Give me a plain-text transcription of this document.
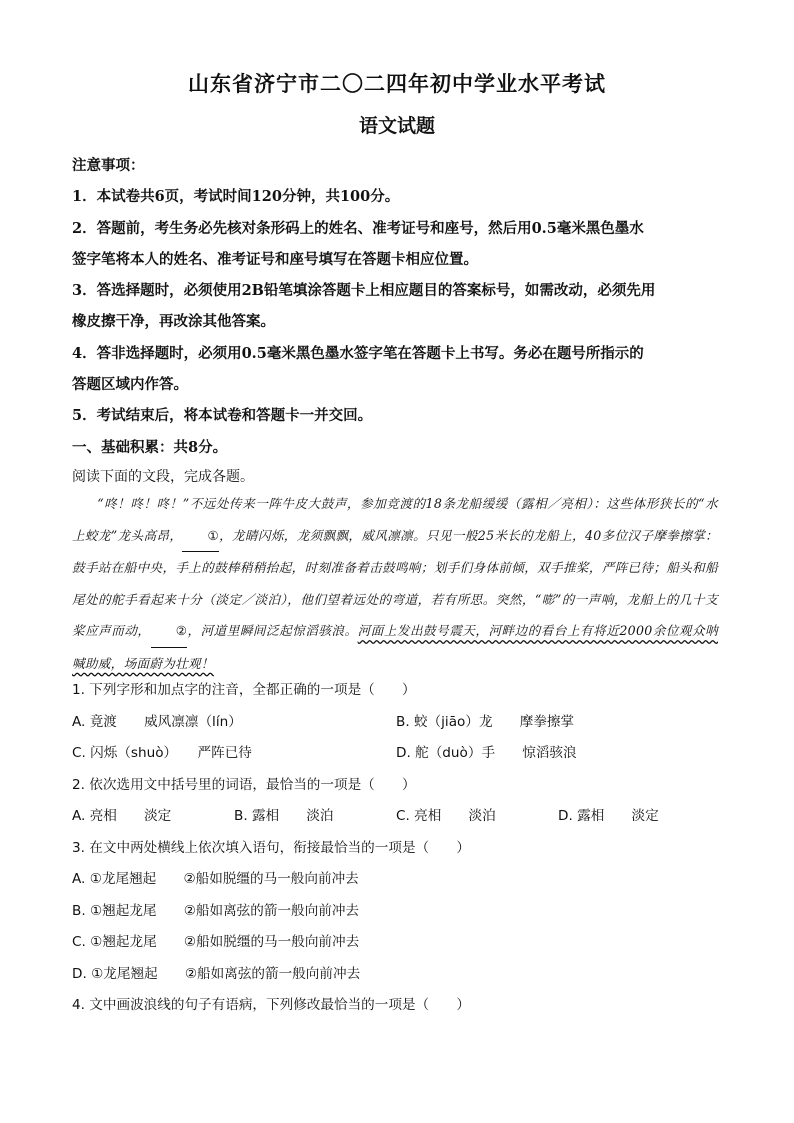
山东省济宁市二〇二四年初中学业水平考试
语文试题

注意事项：

1．本试卷共6页，考试时间120分钟，共100分。

2．答题前，考生务必先核对条形码上的姓名、准考证号和座号，然后用0.5毫米黑色墨水

签字笔将本人的姓名、准考证号和座号填写在答题卡相应位置。

3．答选择题时，必须使用2B铅笔填涂答题卡上相应题目的答案标号，如需改动，必须先用

橡皮擦干净，再改涂其他答案。

4．答非选择题时，必须用0.5毫米黑色墨水签字笔在答题卡上书写。务必在题号所指示的

答题区域内作答。

5．考试结束后，将本试卷和答题卡一并交回。

一、基础积累：共8分。

阅读下面的文段，完成各题。

“咚！咚！咚！”不远处传来一阵牛皮大鼓声，参加竞渡的18条龙船缓缓（露相／亮相）：这些体形狭长的“水上蛟龙”龙头高昂， ①，龙睛闪烁，龙须飘飘，威风凛凛。只见一般25米长的龙船上，40多位汉子摩拳擦掌：鼓手站在船中央，手上的鼓棒稍稍抬起，时刻准备着击鼓鸣响；划手们身体前倾，双手推桨，严阵已待；船头和船尾处的舵手看起来十分（淡定／淡泊），他们望着远处的弯道，若有所思。突然，“嘭”的一声响，龙船上的几十支桨应声而动， ②，河道里瞬间泛起惊滔骇浪。河面上发出鼓号震天，河畔边的看台上有将近2000余位观众呐喊助威，场面蔚为壮观！

1. 下列字形和加点字的注音，全都正确的一项是（　　）

A. 竟渡　　威风凛凛（lín）	B. 蛟（jiāo）龙　　摩拳擦掌
C. 闪烁（shuò）　　严阵已待	D. 舵（duò）手　　惊滔骇浪

2. 依次选用文中括号里的词语，最恰当的一项是（　　）

A. 亮相　　淡定	B. 露相　　淡泊	C. 亮相　　淡泊	D. 露相　　淡定

3. 在文中两处横线上依次填入语句，衔接最恰当的一项是（　　）

A. ①龙尾翘起　　②船如脱缰的马一般向前冲去

B. ①翘起龙尾　　②船如离弦的箭一般向前冲去

C. ①翘起龙尾　　②船如脱缰的马一般向前冲去

D. ①龙尾翘起　　②船如离弦的箭一般向前冲去

4. 文中画波浪线的句子有语病，下列修改最恰当的一项是（　　）
